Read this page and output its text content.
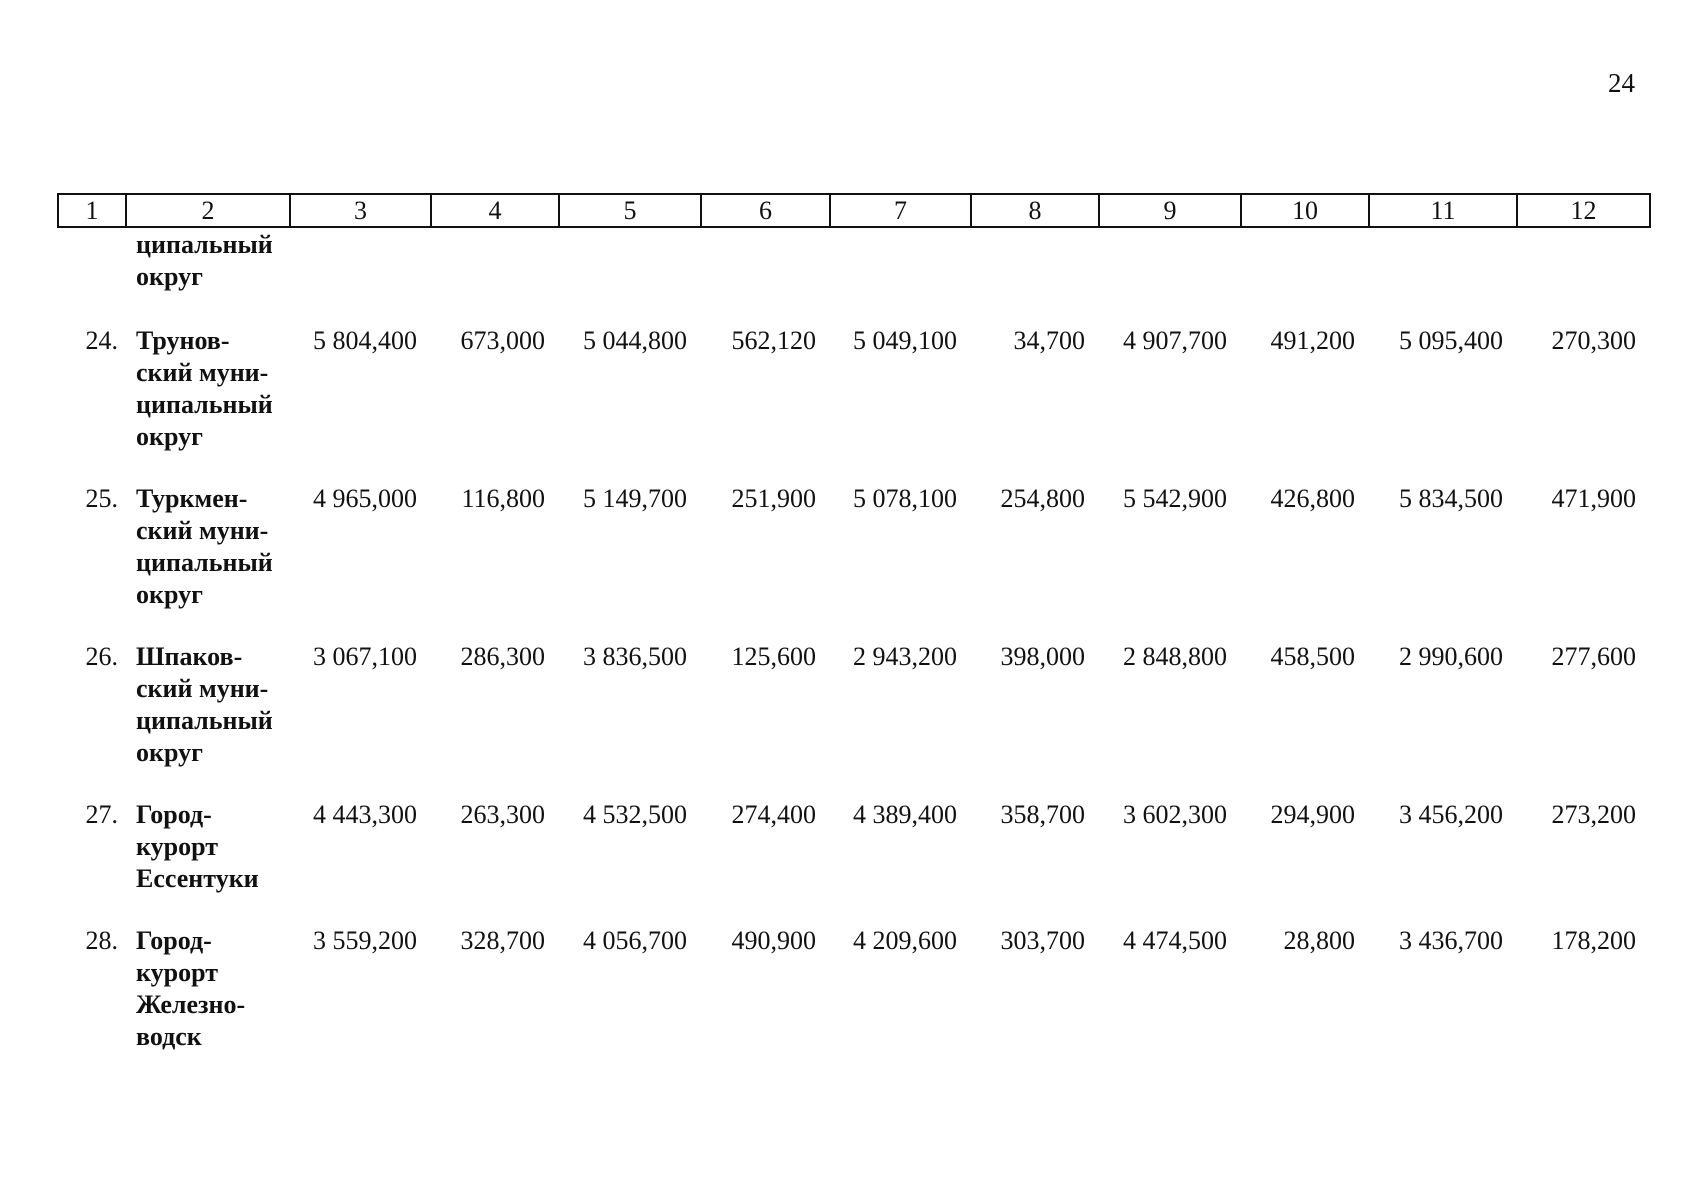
24
1	2	3	4	5	6	7	8	9	10	11	12
	ципальный
округ										
24.	Трунов-
ский муни-
ципальный
округ	5 804,400	673,000	5 044,800	562,120	5 049,100	34,700	4 907,700	491,200	5 095,400	270,300
25.	Туркмен-
ский муни-
ципальный
округ	4 965,000	116,800	5 149,700	251,900	5 078,100	254,800	5 542,900	426,800	5 834,500	471,900
26.	Шпаков-
ский муни-
ципальный
округ	3 067,100	286,300	3 836,500	125,600	2 943,200	398,000	2 848,800	458,500	2 990,600	277,600
27.	Город-
курорт
Ессентуки	4 443,300	263,300	4 532,500	274,400	4 389,400	358,700	3 602,300	294,900	3 456,200	273,200
28.	Город-
курорт
Железно-
водск	3 559,200	328,700	4 056,700	490,900	4 209,600	303,700	4 474,500	28,800	3 436,700	178,200
